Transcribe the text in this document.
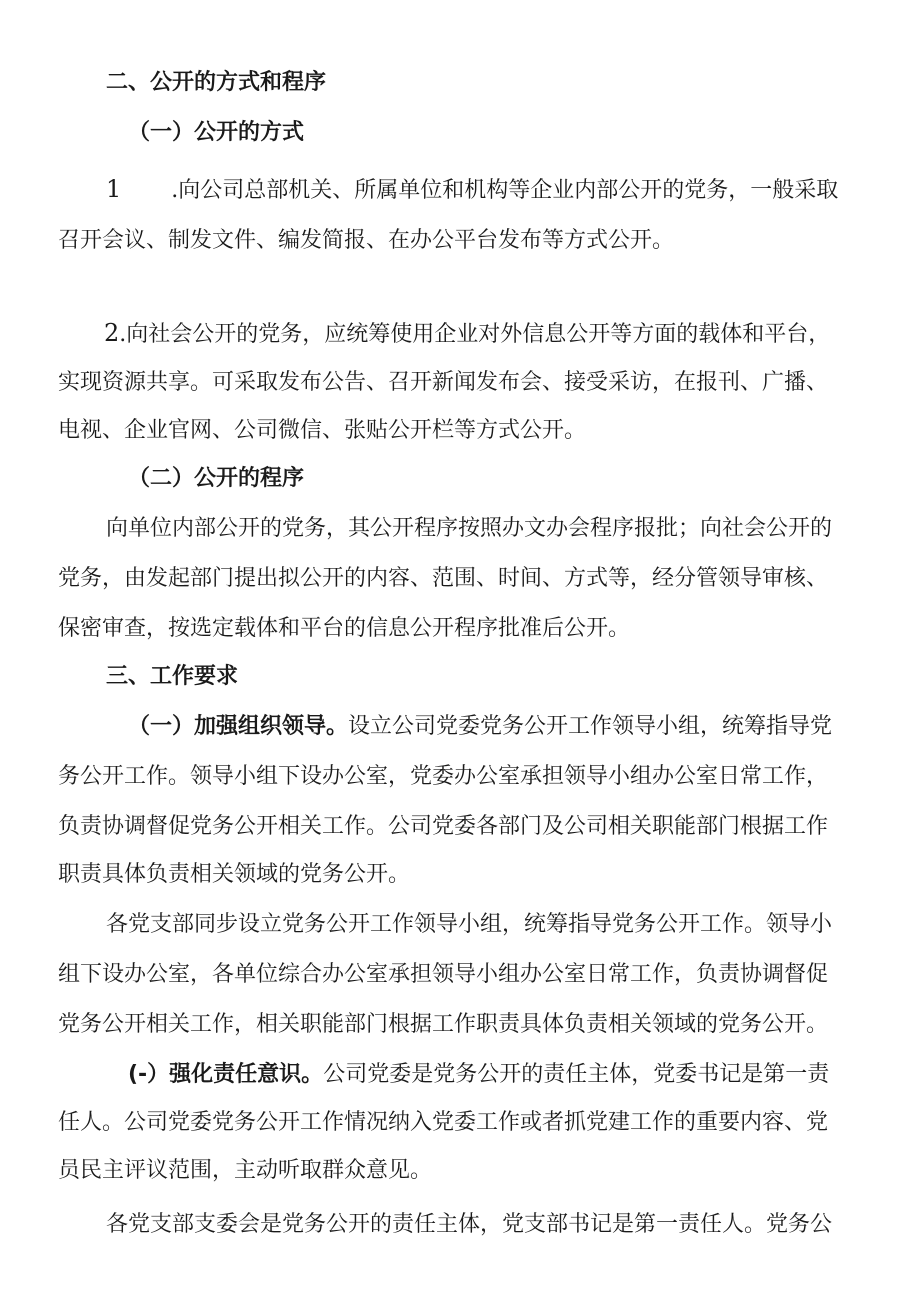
二、公开的方式和程序
（一）公开的方式
1 .向公司总部机关、所属单位和机构等企业内部公开的党务，一般采取
召开会议、制发文件、编发简报、在办公平台发布等方式公开。
2.向社会公开的党务，应统筹使用企业对外信息公开等方面的载体和平台，
实现资源共享。可采取发布公告、召开新闻发布会、接受采访，在报刊、广播、
电视、企业官网、公司微信、张贴公开栏等方式公开。
（二）公开的程序
向单位内部公开的党务，其公开程序按照办文办会程序报批；向社会公开的
党务，由发起部门提出拟公开的内容、范围、时间、方式等，经分管领导审核、
保密审查，按选定载体和平台的信息公开程序批准后公开。
三、工作要求
（一）加强组织领导。设立公司党委党务公开工作领导小组，统筹指导党
务公开工作。领导小组下设办公室，党委办公室承担领导小组办公室日常工作，
负责协调督促党务公开相关工作。公司党委各部门及公司相关职能部门根据工作
职责具体负责相关领域的党务公开。
各党支部同步设立党务公开工作领导小组，统筹指导党务公开工作。领导小
组下设办公室，各单位综合办公室承担领导小组办公室日常工作，负责协调督促
党务公开相关工作，相关职能部门根据工作职责具体负责相关领域的党务公开。
(-）强化责任意识。公司党委是党务公开的责任主体，党委书记是第一责
任人。公司党委党务公开工作情况纳入党委工作或者抓党建工作的重要内容、党
员民主评议范围，主动听取群众意见。
各党支部支委会是党务公开的责任主体，党支部书记是第一责任人。党务公
